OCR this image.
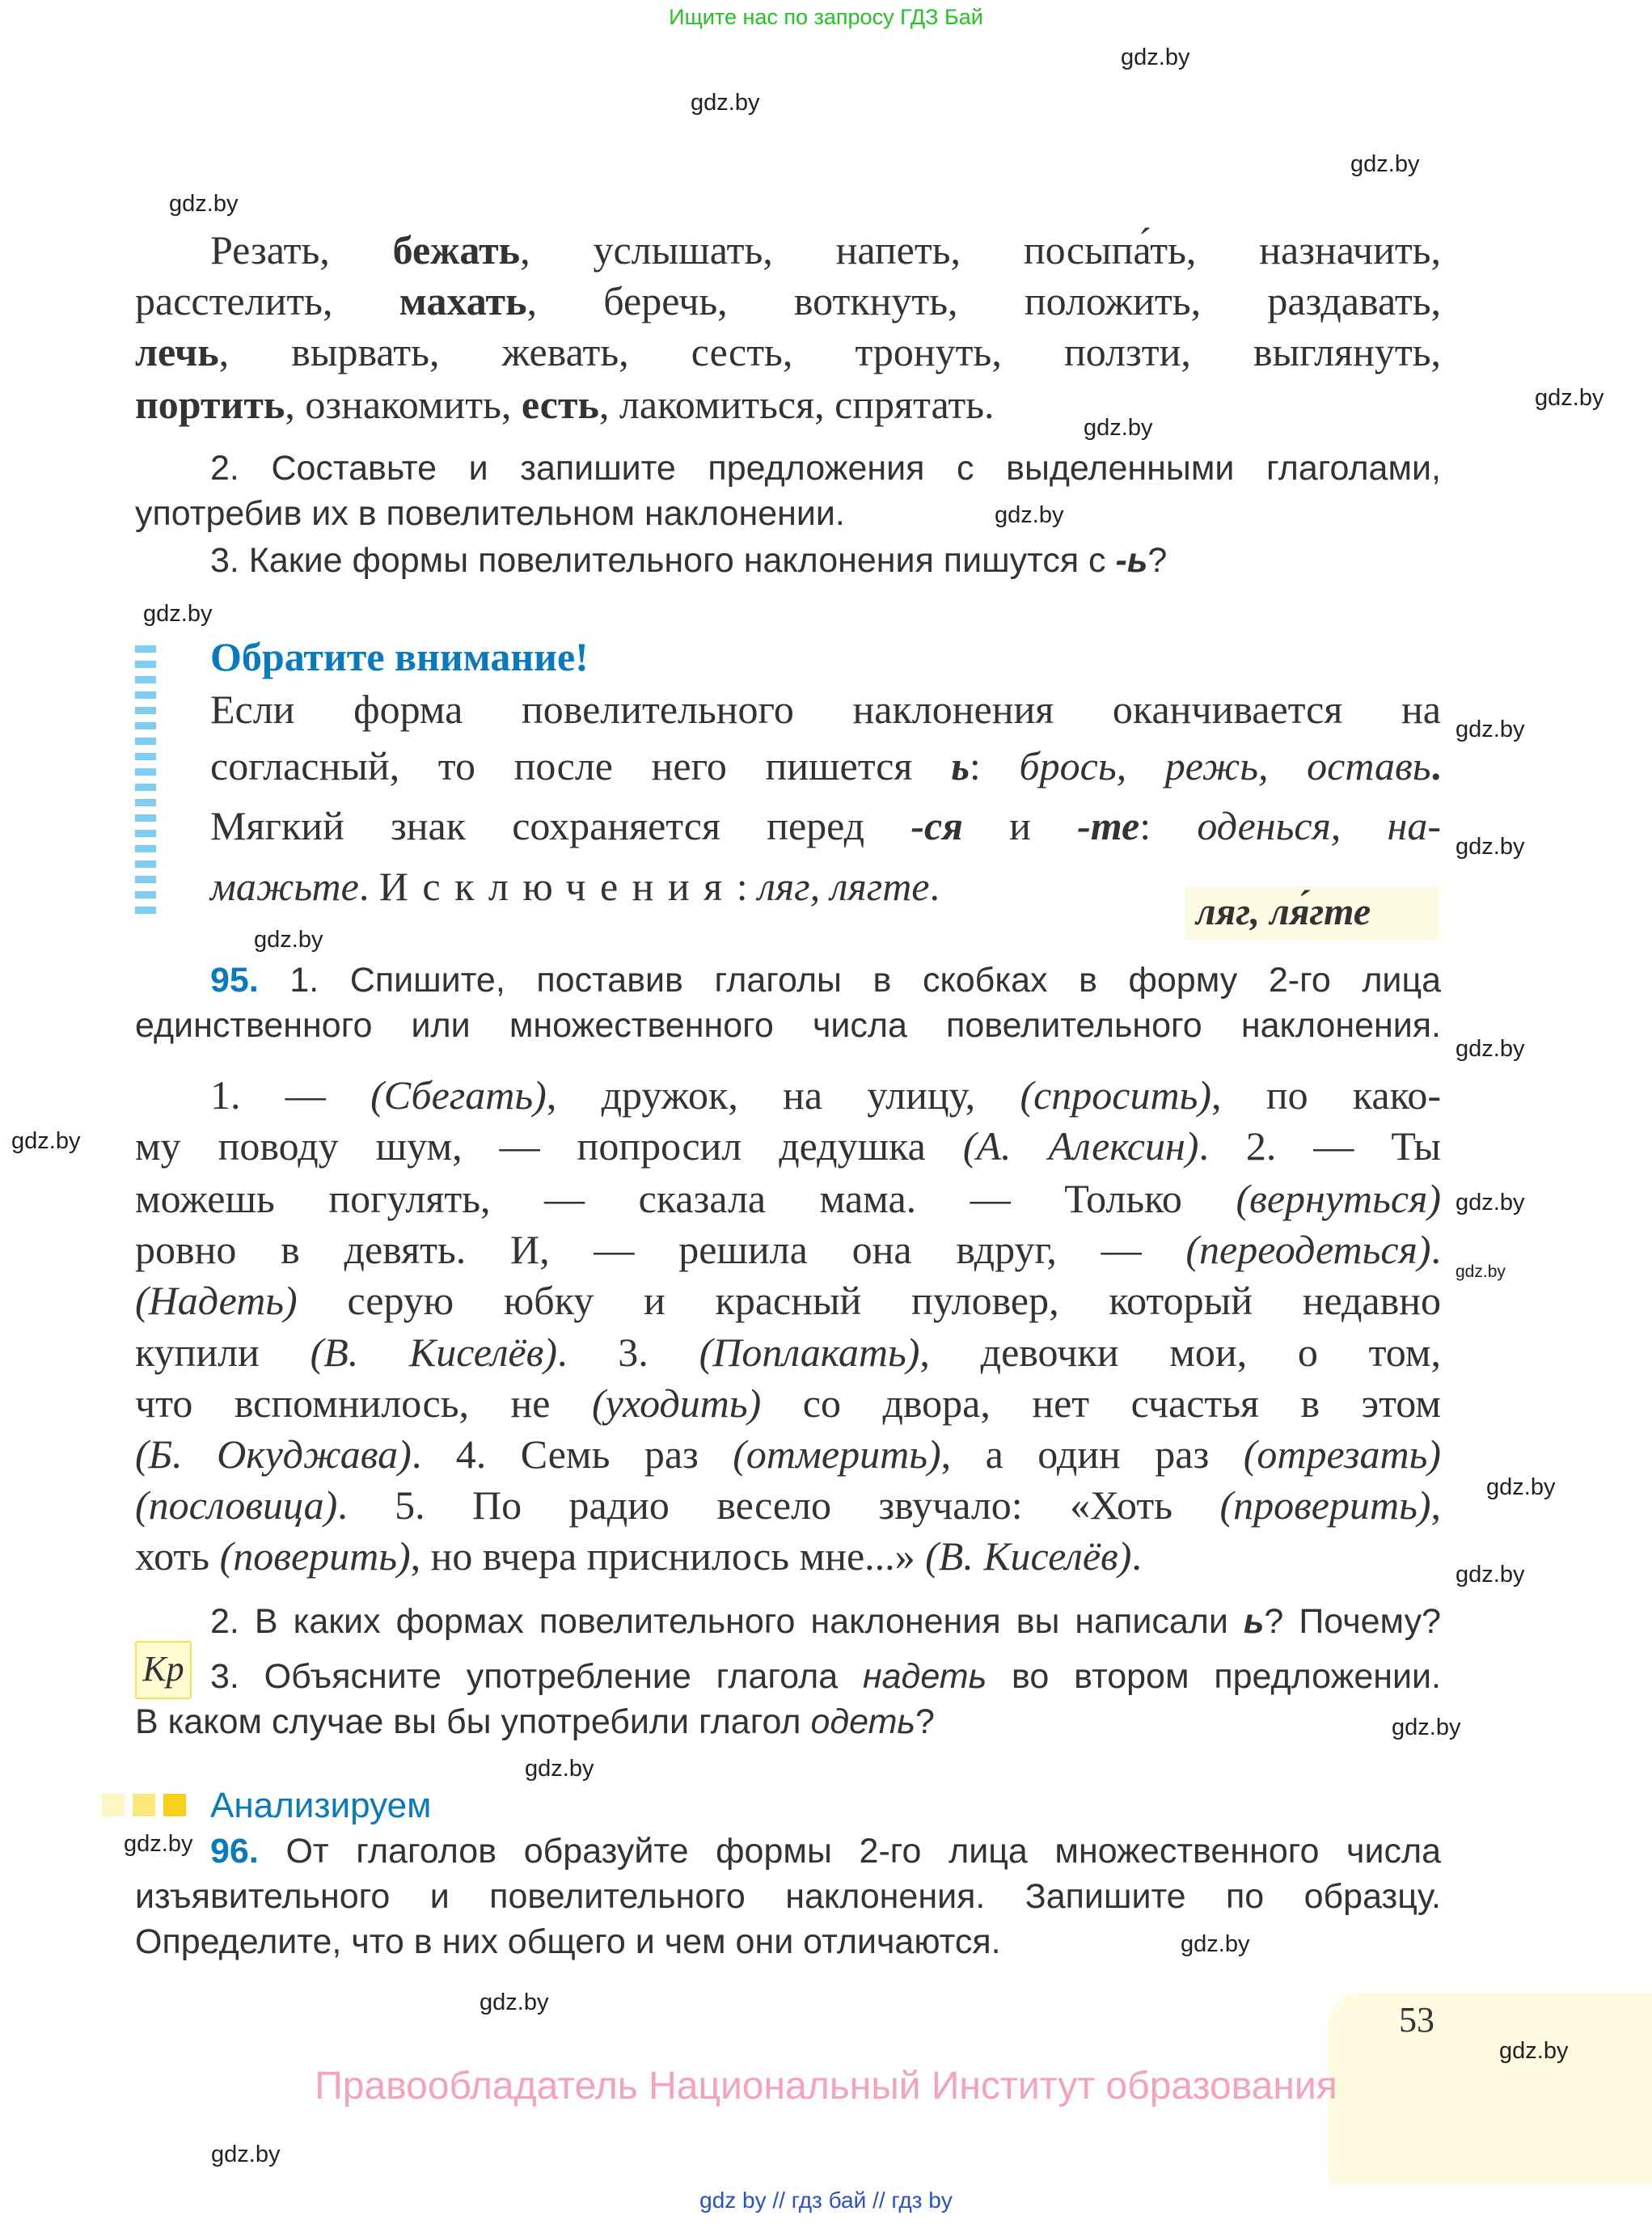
Ищите нас по запросу ГДЗ Бай
Резать, бежать, услышать, напеть, посыпа́ть, назначить,
расстелить, махать, беречь, воткнуть, положить, раздавать,
лечь, вырвать, жевать, сесть, тронуть, ползти, выглянуть,
портить, ознакомить, есть, лакомиться, спрятать.
2. Составьте и запишите предложения с выделенными глаголами,
употребив их в повелительном наклонении.
3. Какие формы повелительного наклонения пишутся с -ь?
Обратите внимание!
Если форма повелительного наклонения оканчивается на
согласный, то после него пишется ь: брось, режь, оставь.
Мягкий знак сохраняется перед -ся и -те: оденься, на-
мажьте. Исключения: ляг, лягте.
ляг, ля́гте
95. 1. Спишите, поставив глаголы в скобках в форму 2-го лица
единственного или множественного числа повелительного наклонения.
1. — (Сбегать), дружок, на улицу, (спросить), по како-
му поводу шум, — попросил дедушка (А. Алексин). 2. — Ты
можешь погулять, — сказала мама. — Только (вернуться)
ровно в девять. И, — решила она вдруг, — (переодеться).
(Надеть) серую юбку и красный пуловер, который недавно
купили (В. Киселёв). 3. (Поплакать), девочки мои, о том,
что вспомнилось, не (уходить) со двора, нет счастья в этом
(Б. Окуджава). 4. Семь раз (отмерить), а один раз (отрезать)
(пословица). 5. По радио весело звучало: «Хоть (проверить),
хоть (поверить), но вчера приснилось мне...» (В. Киселёв).
2. В каких формах повелительного наклонения вы написали ь? Почему?
Кр 3. Объясните употребление глагола надеть во втором предложении.
В каком случае вы бы употребили глагол одеть?
Анализируем
96. От глаголов образуйте формы 2-го лица множественного числа
изъявительного и повелительного наклонения. Запишите по образцу.
Определите, что в них общего и чем они отличаются.
53
Правообладатель Национальный Институт образования
gdz by // гдз бай // гдз by
gdz.by
gdz.by
gdz.by
gdz.by
gdz.by
gdz.by
gdz.by
gdz.by
gdz.by
gdz.by
gdz.by
gdz.by
gdz.by
gdz.by
gdz.by
gdz.by
gdz.by
gdz.by
gdz.by
gdz.by
gdz.by
gdz.by
gdz.by
gdz.by
